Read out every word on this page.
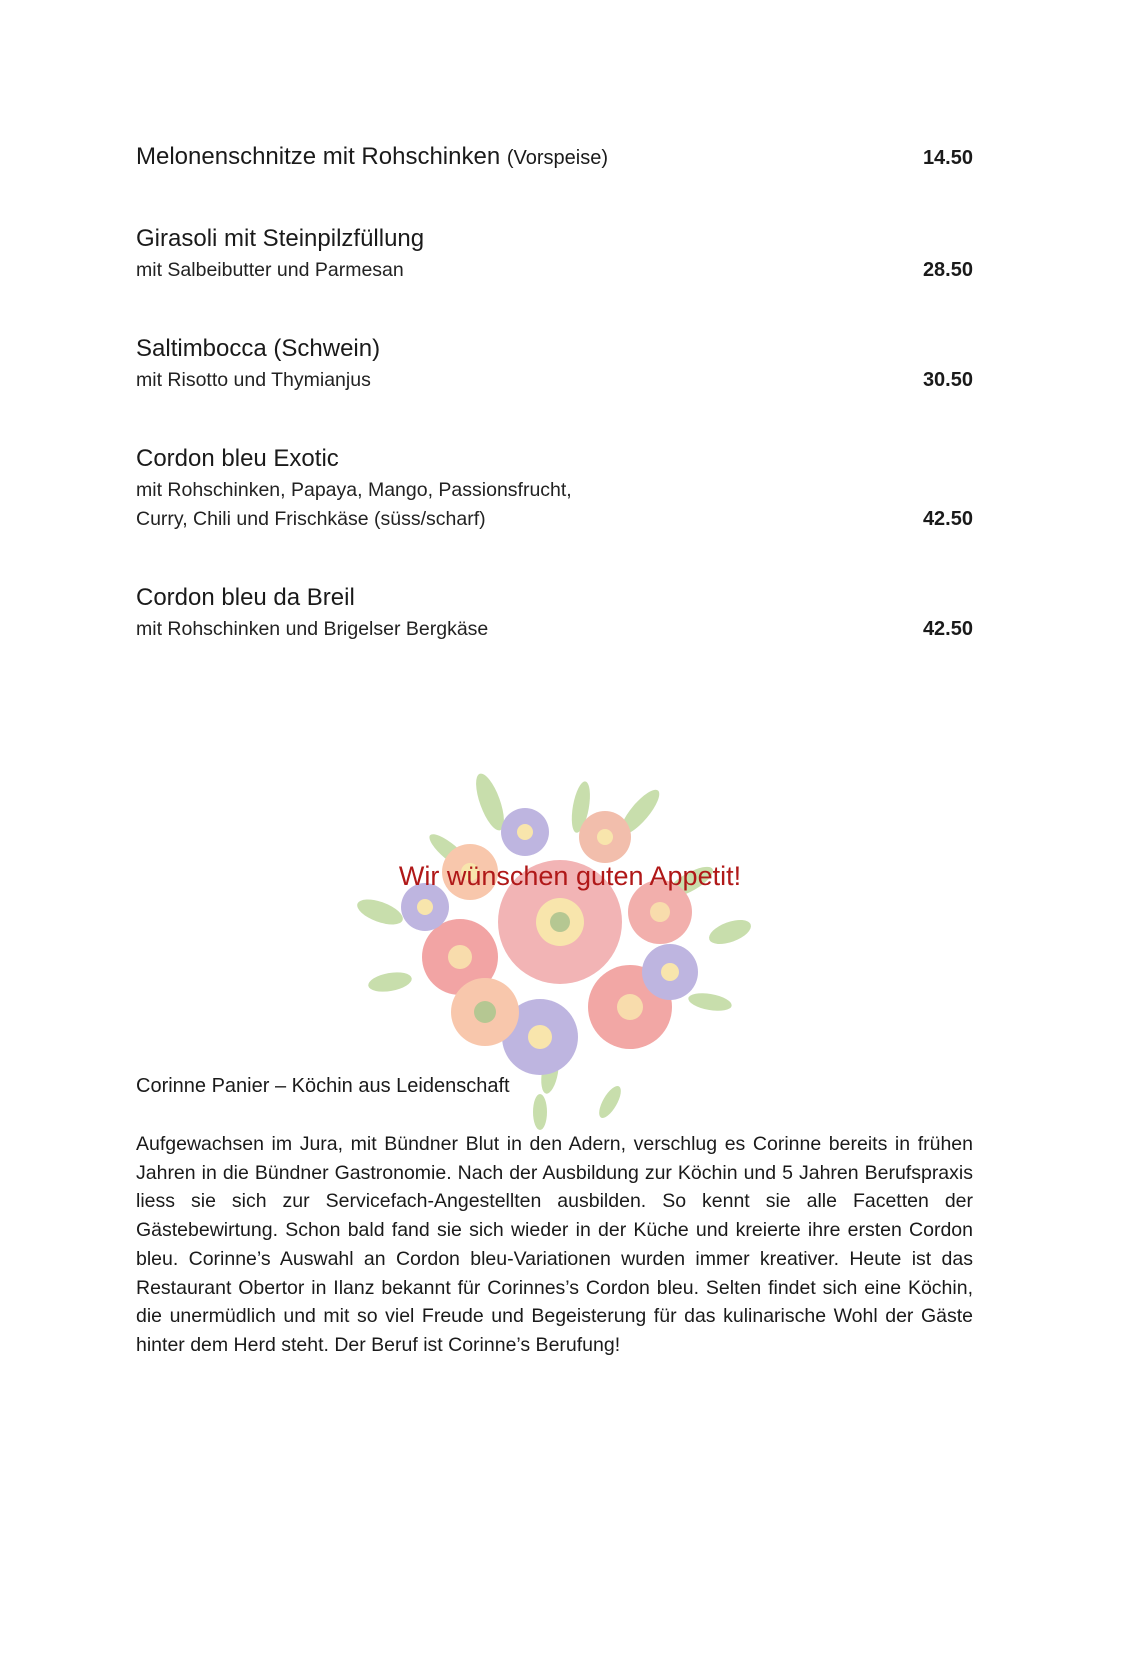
Melonenschnitze mit Rohschinken (Vorspeise)	14.50
Girasoli mit Steinpilzfüllung
mit Salbeibutter und Parmesan	28.50
Saltimbocca (Schwein)
mit Risotto und Thymianjus	30.50
Cordon bleu Exotic
mit Rohschinken, Papaya, Mango, Passionsfrucht,
Curry, Chili und Frischkäse (süss/scharf)	42.50
Cordon bleu da Breil
mit Rohschinken und Brigelser Bergkäse	42.50
Wir wünschen guten Appetit!
Corinne Panier – Köchin aus Leidenschaft
Aufgewachsen im Jura, mit Bündner Blut in den Adern, verschlug es Corinne bereits in frühen Jahren in die Bündner Gastronomie. Nach der Ausbildung zur Köchin und 5 Jahren Berufspraxis liess sie sich zur Servicefach-Angestellten ausbilden. So kennt sie alle Facetten der Gästebewirtung. Schon bald fand sie sich wieder in der Küche und kreierte ihre ersten Cordon bleu. Corinne’s Auswahl an Cordon bleu-Variationen wurden immer kreativer. Heute ist das Restaurant Obertor in Ilanz bekannt für Corinnes’s Cordon bleu. Selten findet sich eine Köchin, die unermüdlich und mit so viel Freude und Begeisterung für das kulinarische Wohl der Gäste hinter dem Herd steht. Der Beruf ist Corinne’s Berufung!
